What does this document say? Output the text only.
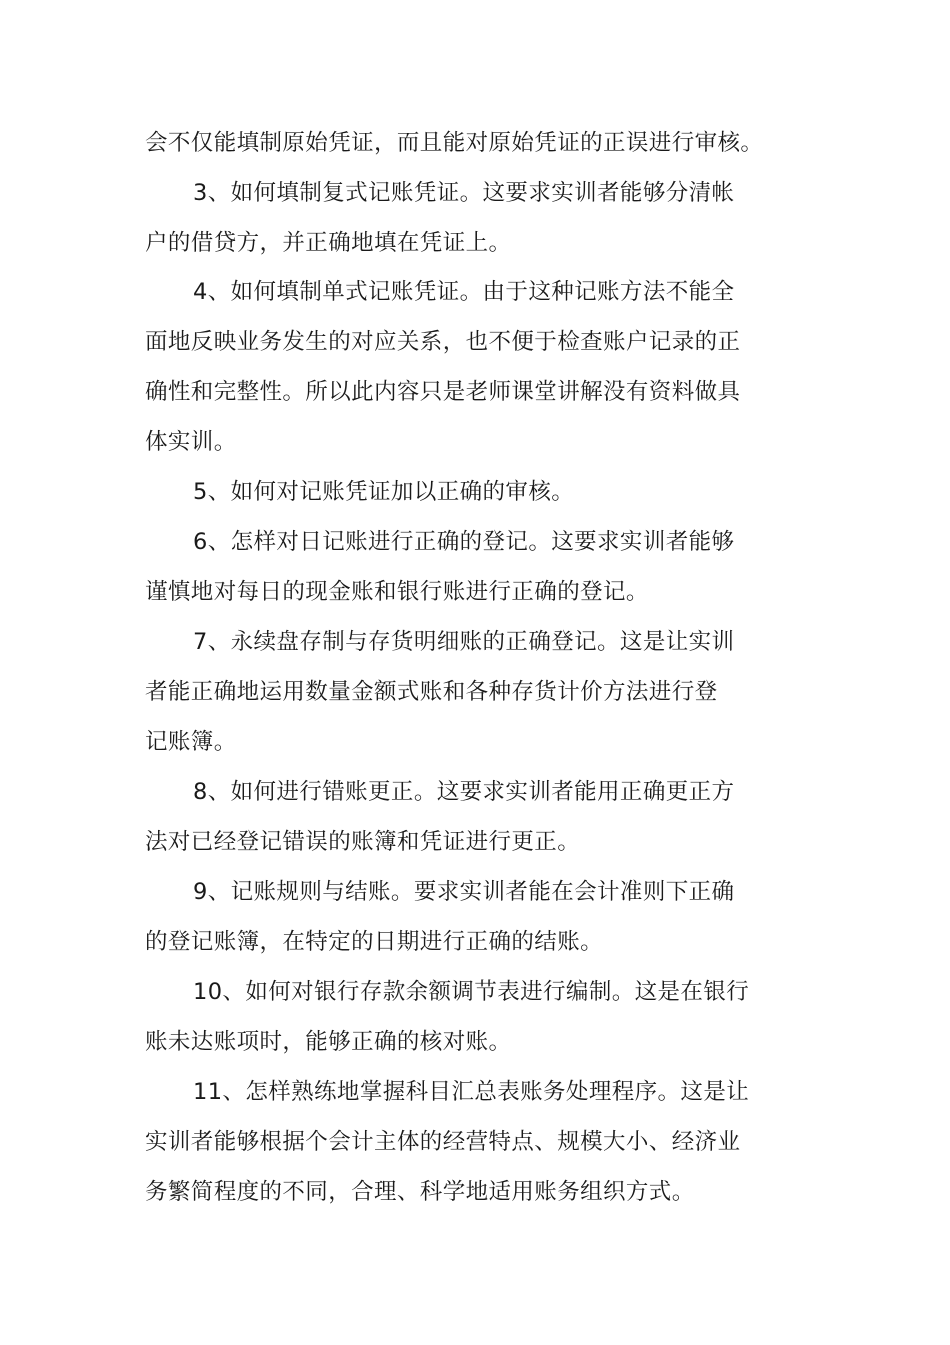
会不仅能填制原始凭证，而且能对原始凭证的正误进行审核。
3、如何填制复式记账凭证。这要求实训者能够分清帐
户的借贷方，并正确地填在凭证上。
4、如何填制单式记账凭证。由于这种记账方法不能全
面地反映业务发生的对应关系，也不便于检查账户记录的正
确性和完整性。所以此内容只是老师课堂讲解没有资料做具
体实训。
5、如何对记账凭证加以正确的审核。
6、怎样对日记账进行正确的登记。这要求实训者能够
谨慎地对每日的现金账和银行账进行正确的登记。
7、永续盘存制与存货明细账的正确登记。这是让实训
者能正确地运用数量金额式账和各种存货计价方法进行登
记账簿。
8、如何进行错账更正。这要求实训者能用正确更正方
法对已经登记错误的账簿和凭证进行更正。
9、记账规则与结账。要求实训者能在会计准则下正确
的登记账簿，在特定的日期进行正确的结账。
10、如何对银行存款余额调节表进行编制。这是在银行
账未达账项时，能够正确的核对账。
11、怎样熟练地掌握科目汇总表账务处理程序。这是让
实训者能够根据个会计主体的经营特点、规模大小、经济业
务繁简程度的不同，合理、科学地适用账务组织方式。
